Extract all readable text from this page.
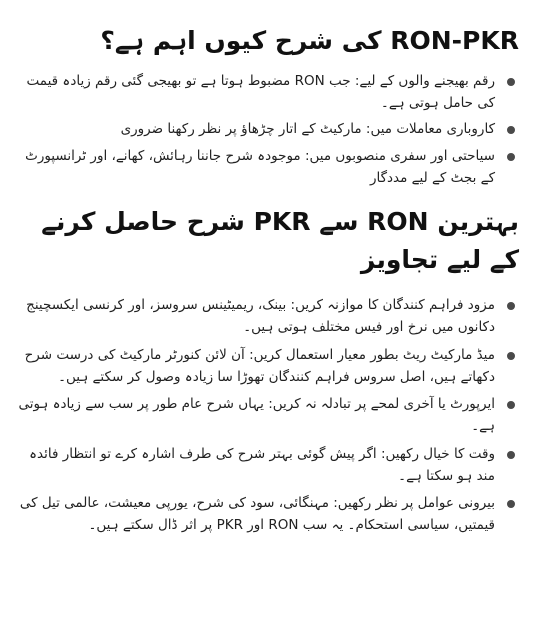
RON-PKR کی شرح کیوں اہم ہے؟
رقم بھیجنے والوں کے لیے: جب RON مضبوط ہوتا ہے تو بھیجی گئی رقم زیادہ قیمت کی حامل ہوتی ہے۔
کاروباری معاملات میں: مارکیٹ کے اتار چڑھاؤ پر نظر رکھنا ضروری
سیاحتی اور سفری منصوبوں میں: موجودہ شرح جاننا رہائش، کھانے، اور ٹرانسپورٹ کے بجٹ کے لیے مددگار
بہترین RON سے PKR شرح حاصل کرنے کے لیے تجاویز
مزود فراہم کنندگان کا موازنہ کریں: بینک، ریمیٹینس سروسز، اور کرنسی ایکسچینج دکانوں میں نرخ اور فیس مختلف ہوتی ہیں۔
میڈ مارکیٹ ریٹ بطور معیار استعمال کریں: آن لائن کنورٹر مارکیٹ کی درست شرح دکھاتے ہیں، اصل سروس فراہم کنندگان تھوڑا سا زیادہ وصول کر سکتے ہیں۔
ایرپورٹ یا آخری لمحے پر تبادلہ نہ کریں: یہاں شرح عام طور پر سب سے زیادہ ہوتی ہے۔
وقت کا خیال رکھیں: اگر پیش گوئی بہتر شرح کی طرف اشارہ کرے تو انتظار فائدہ مند ہو سکتا ہے۔
بیرونی عوامل پر نظر رکھیں: مہنگائی، سود کی شرح، یورپی معیشت، عالمی تیل کی قیمتیں، سیاسی استحکام۔ یہ سب RON اور PKR پر اثر ڈال سکتے ہیں۔
